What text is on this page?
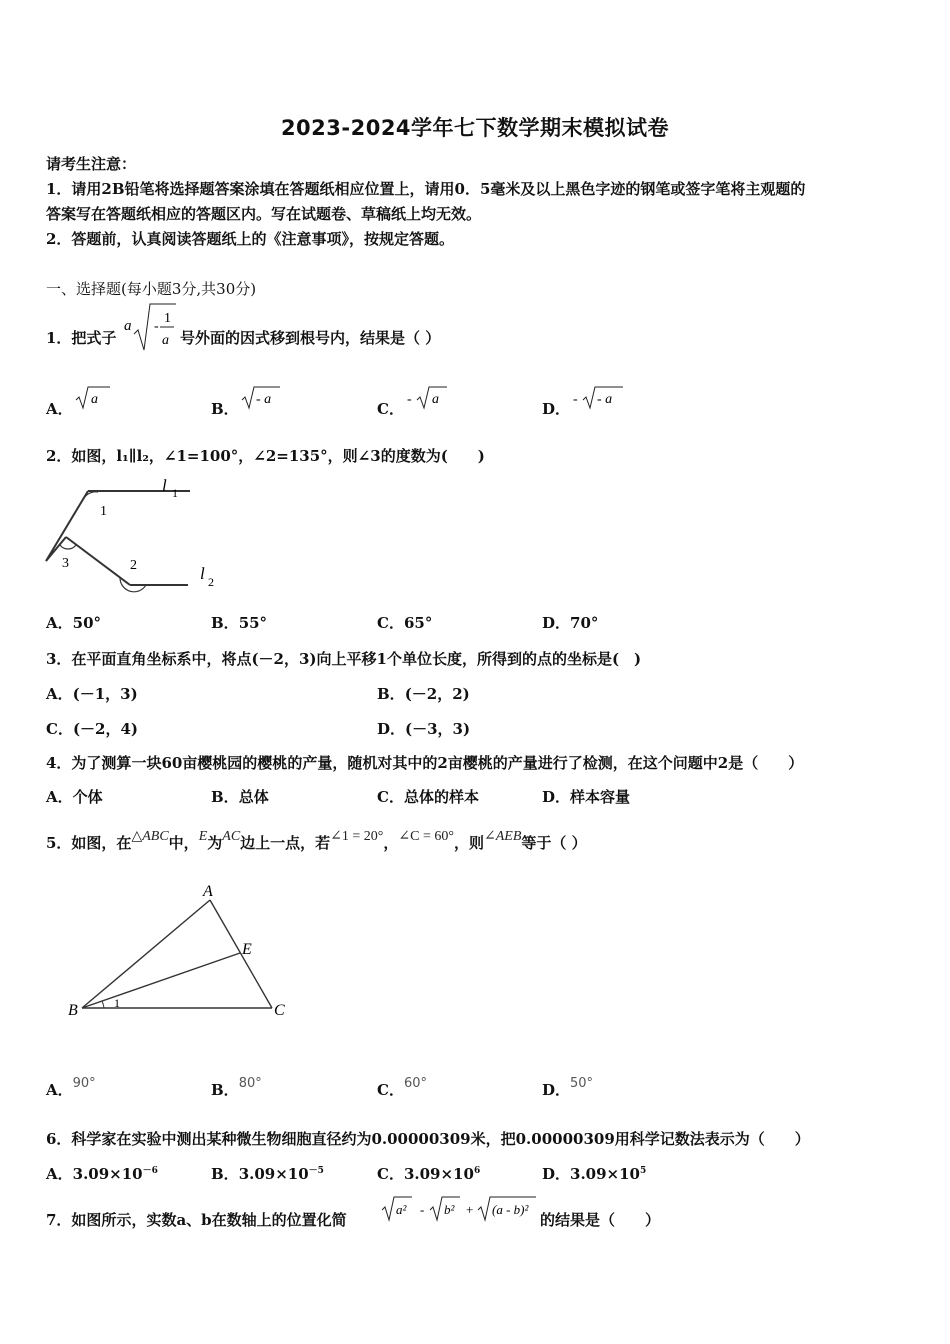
2023-2024学年七下数学期末模拟试卷
请考生注意：
1．请用2B铅笔将选择题答案涂填在答题纸相应位置上，请用0．5毫米及以上黑色字迹的钢笔或签字笔将主观题的
答案写在答题纸相应的答题区内。写在试题卷、草稿纸上均无效。
2．答题前，认真阅读答题纸上的《注意事项》，按规定答题。
一、选择题(每小题3分,共30分)
1．把式子
a -
1
a 号外面的因式移到根号内，结果是（ ）
A．
a
B．
- a
C．
- a
D．
- - a
2．如图，l₁∥l₂，∠1=100°，∠2=135°，则∠3的度数为(　　)
1
3	2
l 1
l 2
A．50°	B．55°	C．65°	D．70°
3．在平面直角坐标系中，将点(－2，3)向上平移1个单位长度，所得到的点的坐标是(　)
A．(－1，3)	B．(－2，2)
C．(－2，4)	D．(－3，3)
4．为了测算一块60亩樱桃园的樱桃的产量，随机对其中的2亩樱桃的产量进行了检测，在这个问题中2是（　　）
A．个体	B．总体	C．总体的样本	D．样本容量
5．如图，在△ABC中，E为AC边上一点，若∠1 = 20°，∠C = 60°，则∠AEB等于（ ）
1
A
B	C
E
A．90°	B．80°	C．60°	D．50°
6．科学家在实验中测出某种微生物细胞直径约为0.00000309米，把0.00000309用科学记数法表示为（　　）
A．$3.09\times 10^{-6}$	B．$3.09\times 10^{-5}$	C．$3.09\times 10^6$	D．$3.09\times 10^5$
7．如图所示，实数a、b在数轴上的位置化简
a² - b² + (a - b)²
的结果是（　　）
